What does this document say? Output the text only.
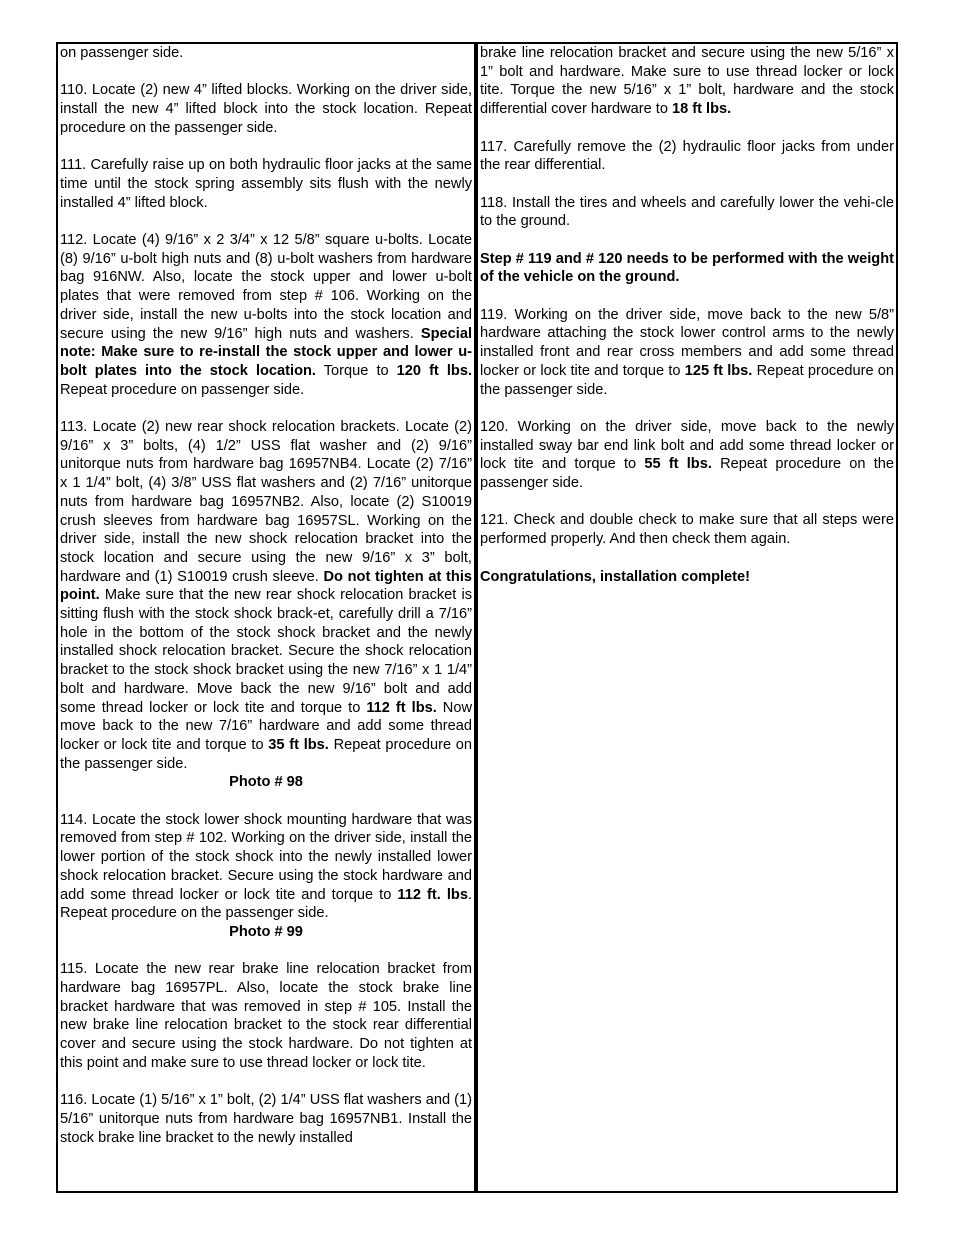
on passenger side.

110. Locate (2) new 4” lifted blocks. Working on the driver side, install the new 4” lifted block into the stock location. Repeat procedure on the passenger side.

111. Carefully raise up on both hydraulic floor jacks at the same time until the stock spring assembly sits flush with the newly installed 4” lifted block.

112. Locate (4) 9/16” x 2 3/4” x 12 5/8” square u-bolts. Locate (8) 9/16” u-bolt high nuts and (8) u-bolt washers from hardware bag 916NW. Also, locate the stock upper and lower u-bolt plates that were removed from step # 106. Working on the driver side, install the new u-bolts into the stock location and secure using the new 9/16” high nuts and washers. Special note: Make sure to re-install the stock upper and lower u-bolt plates into the stock location. Torque to 120 ft lbs. Repeat procedure on passenger side.

113. Locate (2) new rear shock relocation brackets. Locate (2) 9/16” x 3” bolts, (4) 1/2” USS flat washer and (2) 9/16” unitorque nuts from hardware bag 16957NB4. Locate (2) 7/16” x 1 1/4” bolt, (4) 3/8” USS flat washers and (2) 7/16” unitorque nuts from hardware bag 16957NB2. Also, locate (2) S10019 crush sleeves from hardware bag 16957SL. Working on the driver side, install the new shock relocation bracket into the stock location and secure using the new 9/16” x 3” bolt, hardware and (1) S10019 crush sleeve. Do not tighten at this point. Make sure that the new rear shock relocation bracket is sitting flush with the stock shock brack-et, carefully drill a 7/16” hole in the bottom of the stock shock bracket and the newly installed shock relocation bracket. Secure the shock relocation bracket to the stock shock bracket using the new 7/16” x 1 1/4” bolt and hardware. Move back the new 9/16” bolt and add some thread locker or lock tite and torque to 112 ft lbs. Now move back to the new 7/16” hardware and add some thread locker or lock tite and torque to 35 ft lbs. Repeat procedure on the passenger side.
Photo # 98

114. Locate the stock lower shock mounting hardware that was removed from step # 102. Working on the driver side, install the lower portion of the stock shock into the newly installed lower shock relocation bracket. Secure using the stock hardware and add some thread locker or lock tite and torque to 112 ft. lbs. Repeat procedure on the passenger side.
Photo # 99

115. Locate the new rear brake line relocation bracket from hardware bag 16957PL. Also, locate the stock brake line bracket hardware that was removed in step # 105. Install the new brake line relocation bracket to the stock rear differential cover and secure using the stock hardware. Do not tighten at this point and make sure to use thread locker or lock tite.

116. Locate (1) 5/16” x 1” bolt, (2) 1/4” USS flat washers and (1) 5/16” unitorque nuts from hardware bag 16957NB1. Install the stock brake line bracket to the newly installed

brake line relocation bracket and secure using the new 5/16” x 1” bolt and hardware. Make sure to use thread locker or lock tite. Torque the new 5/16” x 1” bolt, hardware and the stock differential cover hardware to 18 ft lbs.

117. Carefully remove the (2) hydraulic floor jacks from under the rear differential.

118. Install the tires and wheels and carefully lower the vehi-cle to the ground.

Step # 119 and # 120 needs to be performed with the weight of the vehicle on the ground.

119. Working on the driver side, move back to the new 5/8” hardware attaching the stock lower control arms to the newly installed front and rear cross members and add some thread locker or lock tite and torque to 125 ft lbs. Repeat procedure on the passenger side.

120. Working on the driver side, move back to the newly installed sway bar end link bolt and add some thread locker or lock tite and torque to 55 ft lbs. Repeat procedure on the passenger side.

121. Check and double check to make sure that all steps were performed properly. And then check them again.

Congratulations, installation complete!
